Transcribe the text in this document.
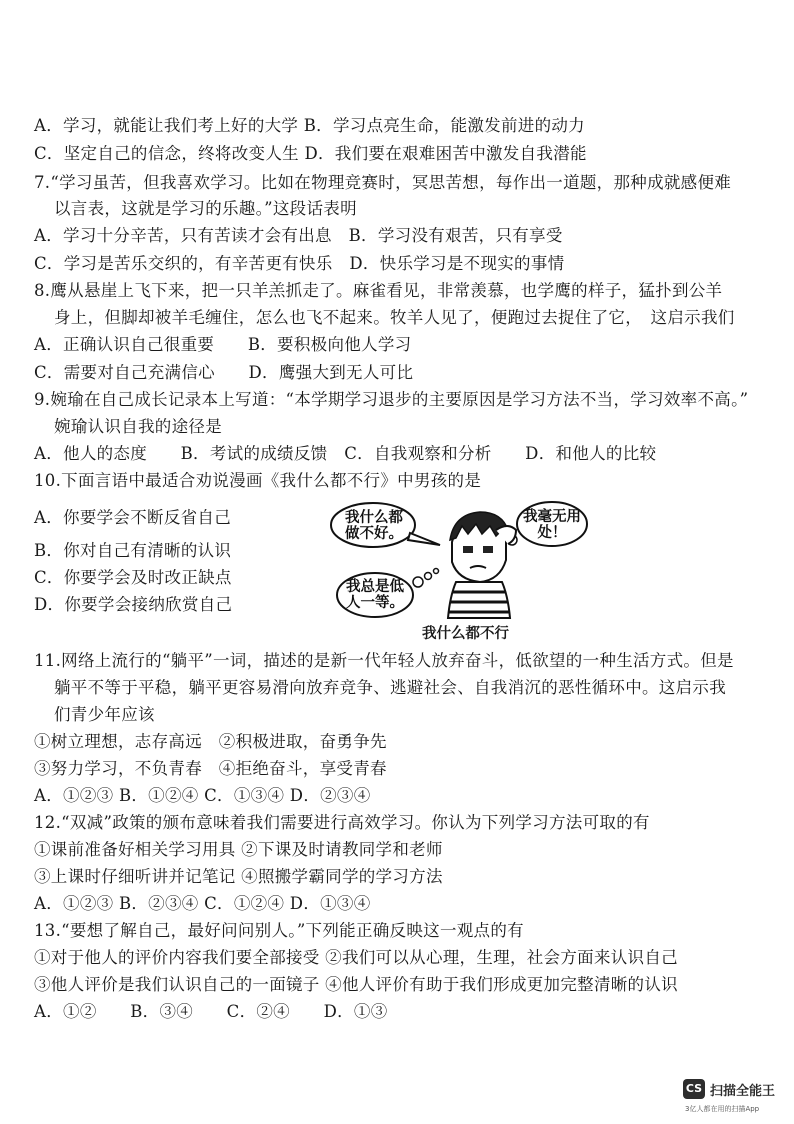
A．学习，就能让我们考上好的大学 B．学习点亮生命，能激发前进的动力
C．坚定自己的信念，终将改变人生 D．我们要在艰难困苦中激发自我潜能
7.“学习虽苦，但我喜欢学习。比如在物理竞赛时，冥思苦想，每作出一道题，那种成就感便难
以言表，这就是学习的乐趣。”这段话表明
A．学习十分辛苦，只有苦读才会有出息　B．学习没有艰苦，只有享受
C．学习是苦乐交织的，有辛苦更有快乐　D．快乐学习是不现实的事情
8.鹰从悬崖上飞下来，把一只羊羔抓走了。麻雀看见，非常羡慕，也学鹰的样子，猛扑到公羊
身上，但脚却被羊毛缠住，怎么也飞不起来。牧羊人见了，便跑过去捉住了它，　这启示我们
A．正确认识自己很重要　　B．要积极向他人学习
C．需要对自己充满信心　　D．鹰强大到无人可比
9.婉瑜在自己成长记录本上写道：“本学期学习退步的主要原因是学习方法不当，学习效率不高。”
婉瑜认识自我的途径是
A．他人的态度　　B．考试的成绩反馈　C．自我观察和分析　　D．和他人的比较
10.下面言语中最适合劝说漫画《我什么都不行》中男孩的是
A．你要学会不断反省自己
B．你对自己有清晰的认识
C．你要学会及时改正缺点
D．你要学会接纳欣赏自己
我什么都做不好。
我毫无用处！
我总是低人一等。
我什么都不行
11.网络上流行的“躺平”一词，描述的是新一代年轻人放弃奋斗，低欲望的一种生活方式。但是
躺平不等于平稳，躺平更容易滑向放弃竞争、逃避社会、自我消沉的恶性循环中。这启示我
们青少年应该
①树立理想，志存高远　②积极进取，奋勇争先
③努力学习，不负青春　④拒绝奋斗，享受青春
A．①②③ B．①②④ C．①③④ D．②③④
12.“双减”政策的颁布意味着我们需要进行高效学习。你认为下列学习方法可取的有
①课前准备好相关学习用具 ②下课及时请教同学和老师
③上课时仔细听讲并记笔记 ④照搬学霸同学的学习方法
A．①②③ B．②③④ C．①②④ D．①③④
13.“要想了解自己，最好问问别人。”下列能正确反映这一观点的有
①对于他人的评价内容我们要全部接受 ②我们可以从心理，生理，社会方面来认识自己
③他人评价是我们认识自己的一面镜子 ④他人评价有助于我们形成更加完整清晰的认识
A．①②　　B．③④　　C．②④　　D．①③
CS 扫描全能王
3亿人都在用的扫描App
